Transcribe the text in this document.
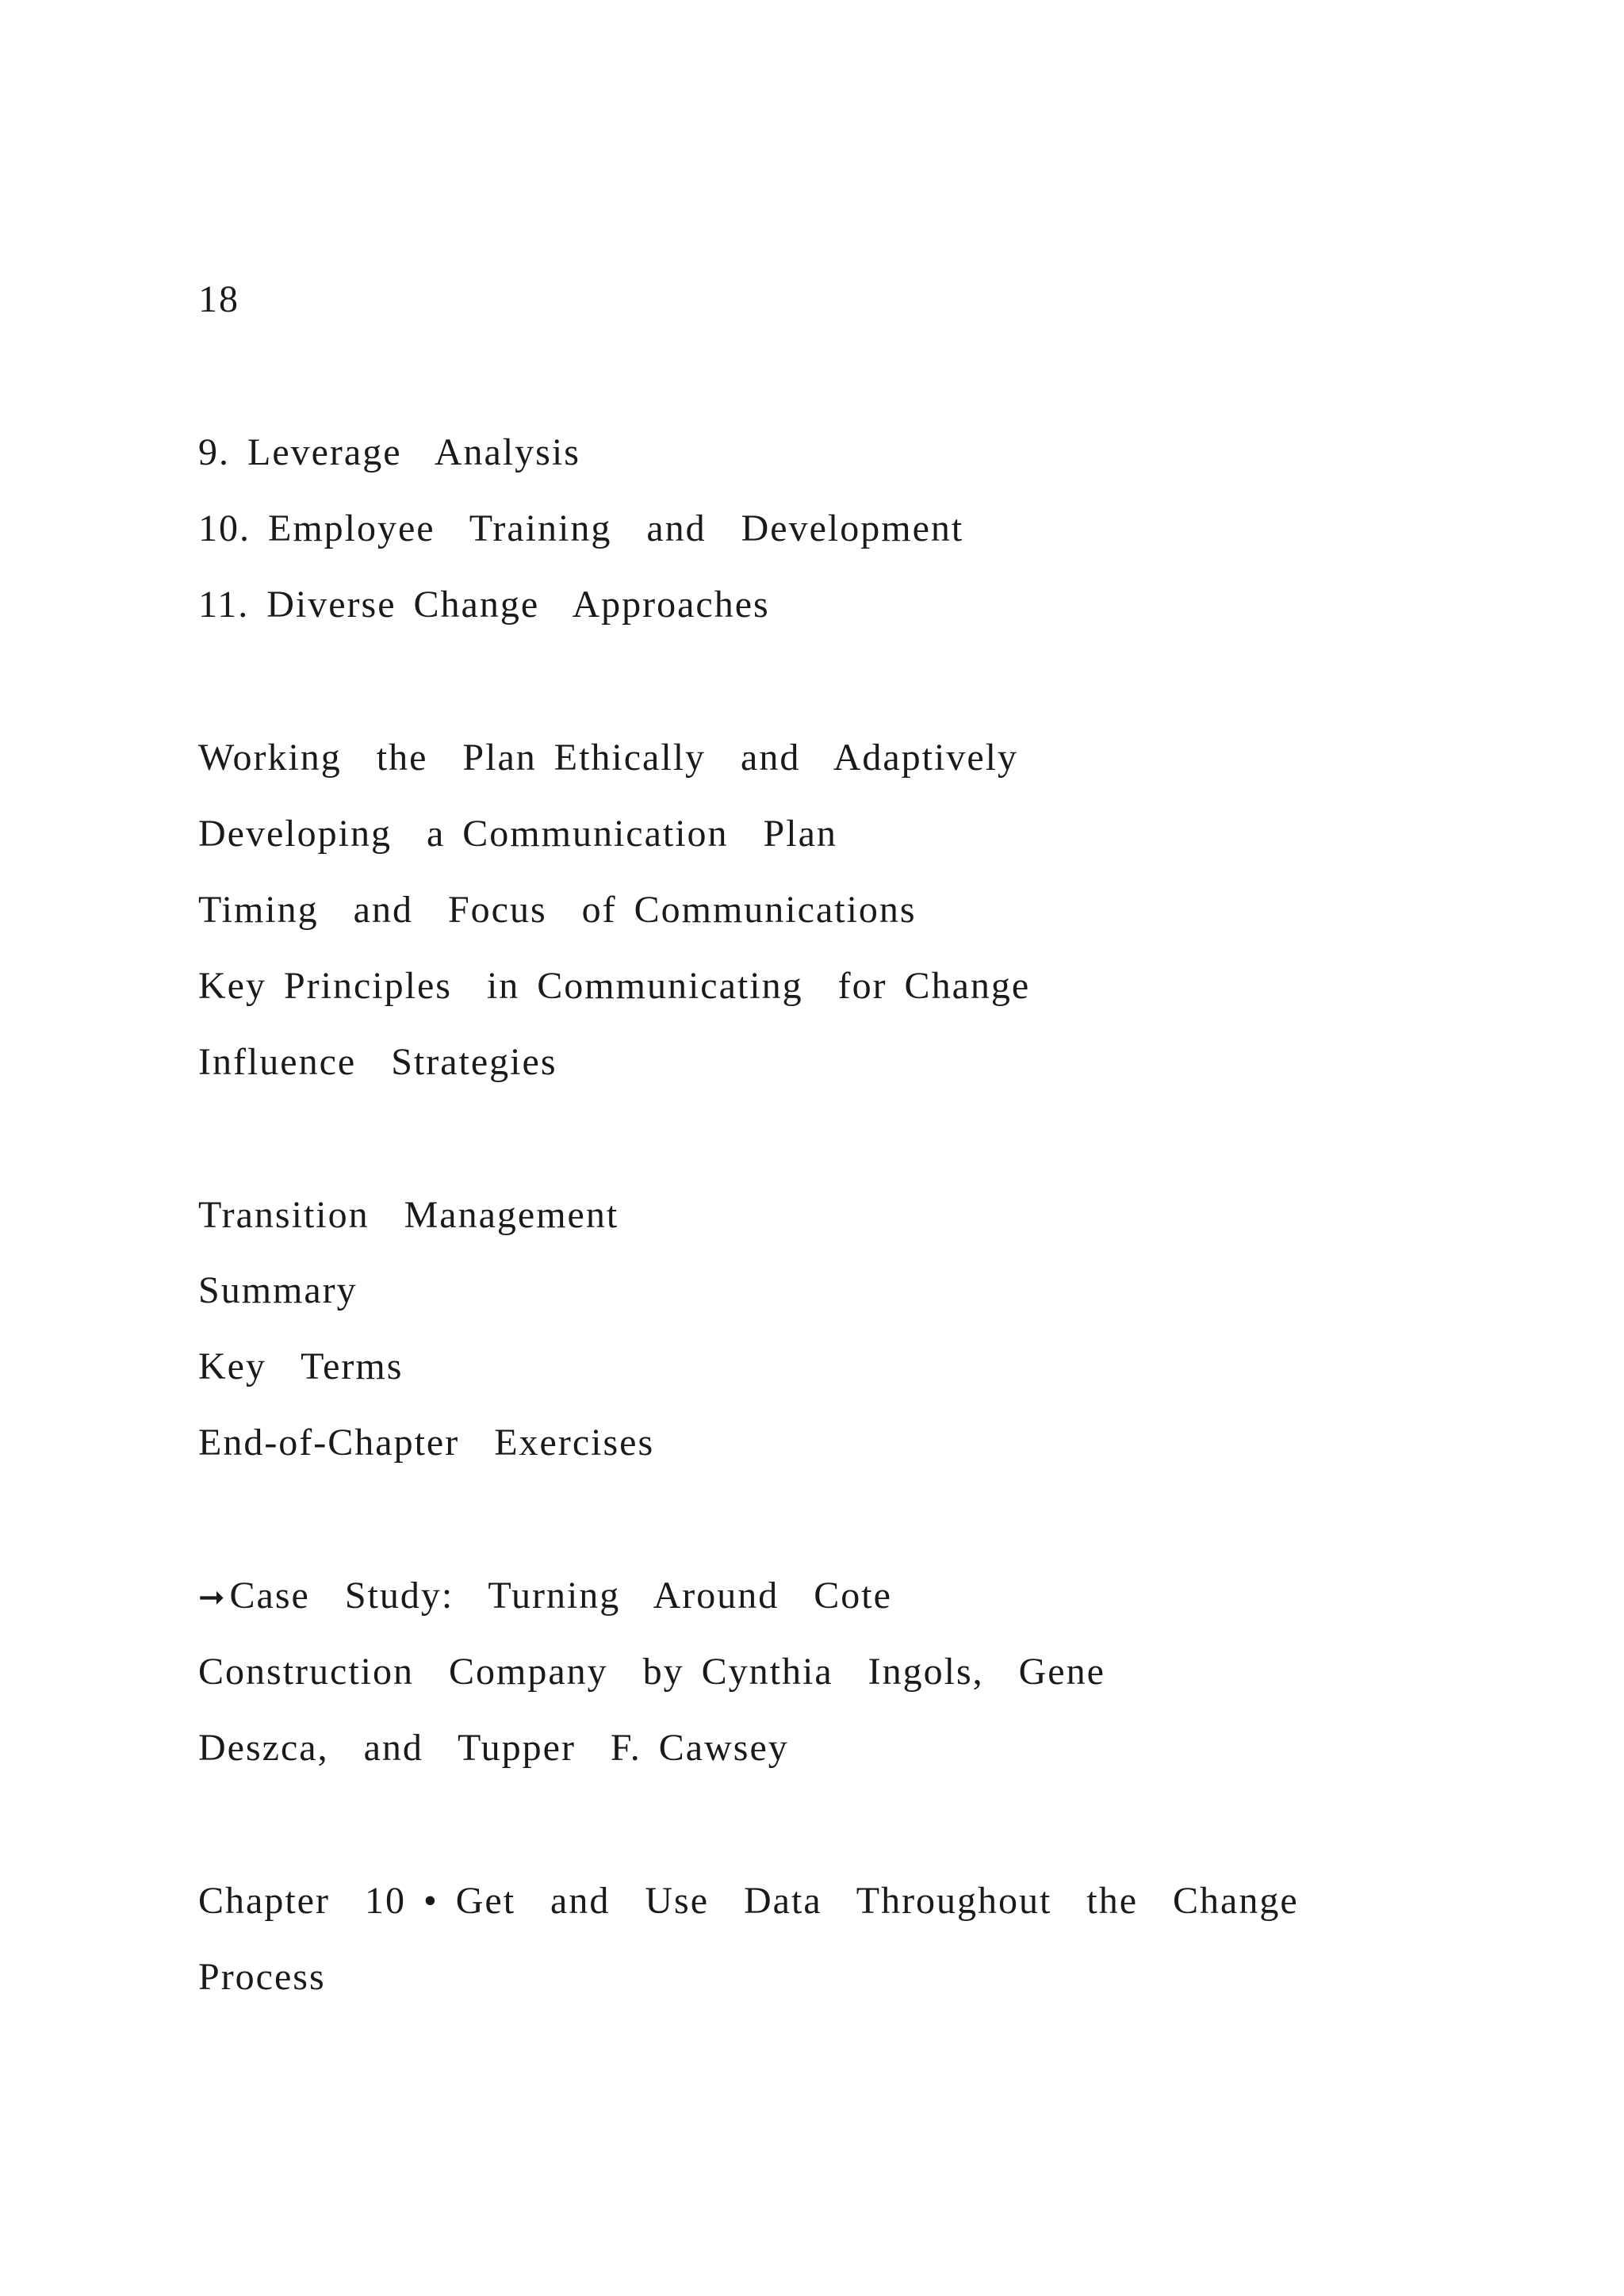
18
9. Leverage  Analysis
10. Employee  Training  and  Development
11. Diverse Change  Approaches
Working  the  Plan Ethically  and  Adaptively
Developing  a Communication  Plan
Timing  and  Focus  of Communications
Key Principles  in Communicating  for Change
Influence  Strategies
Transition  Management
Summary
Key  Terms
End-of-Chapter  Exercises
➞Case  Study:  Turning  Around  Cote
Construction  Company  by Cynthia  Ingols,  Gene
Deszca,  and  Tupper  F. Cawsey
Chapter  10 • Get  and  Use  Data  Throughout  the  Change
Process
